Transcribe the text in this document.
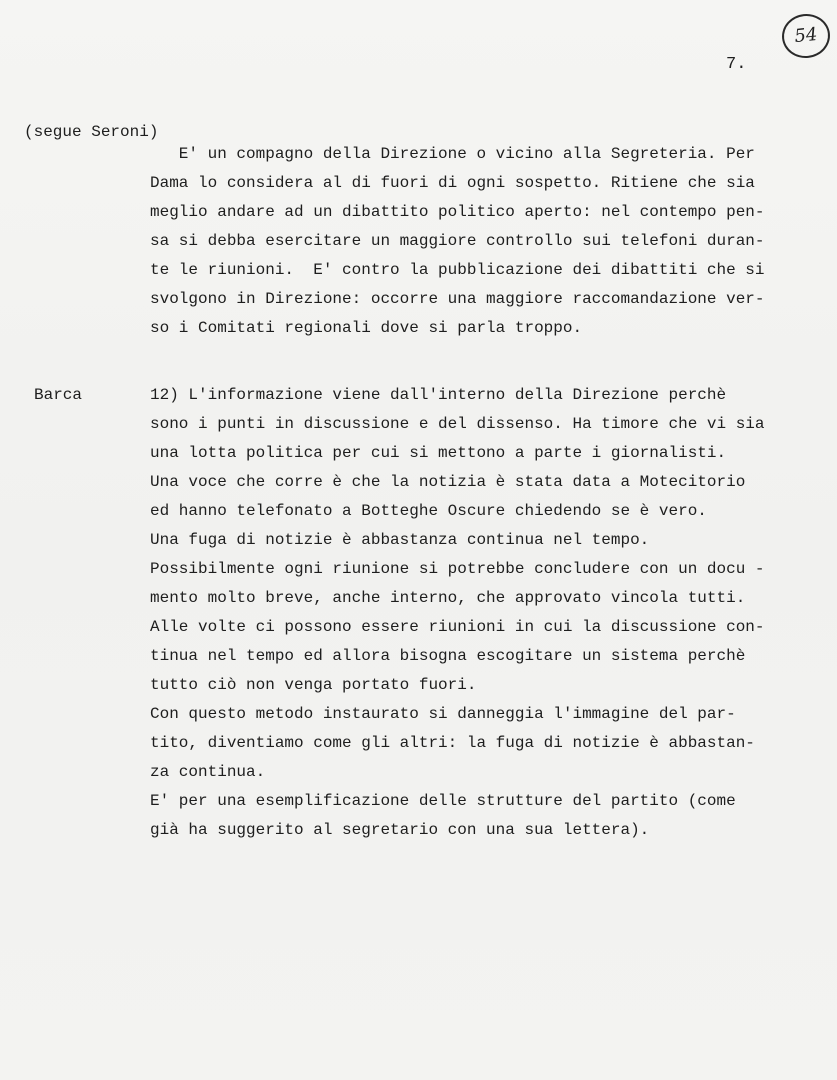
54
7.
(segue Seroni)
E' un compagno della Direzione o vicino alla Segreteria. Per
Dama lo considera al di fuori di ogni sospetto. Ritiene che sia
meglio andare ad un dibattito politico aperto: nel contempo pen-
sa si debba esercitare un maggiore controllo sui telefoni duran-
te le riunioni.  E' contro la pubblicazione dei dibattiti che si
svolgono in Direzione: occorre una maggiore raccomandazione ver-
so i Comitati regionali dove si parla troppo.
Barca	12) L'informazione viene dall'interno della Direzione perchè
sono i punti in discussione e del dissenso. Ha timore che vi sia
una lotta politica per cui si mettono a parte i giornalisti.
Una voce che corre è che la notizia è stata data a Motecitorio
ed hanno telefonato a Botteghe Oscure chiedendo se è vero.
Una fuga di notizie è abbastanza continua nel tempo.
Possibilmente ogni riunione si potrebbe concludere con un docu -
mento molto breve, anche interno, che approvato vincola tutti.
Alle volte ci possono essere riunioni in cui la discussione con-
tinua nel tempo ed allora bisogna escogitare un sistema perchè
tutto ciò non venga portato fuori.
Con questo metodo instaurato si danneggia l'immagine del par-
tito, diventiamo come gli altri: la fuga di notizie è abbastan-
za continua.
E' per una esemplificazione delle strutture del partito (come
già ha suggerito al segretario con una sua lettera).
